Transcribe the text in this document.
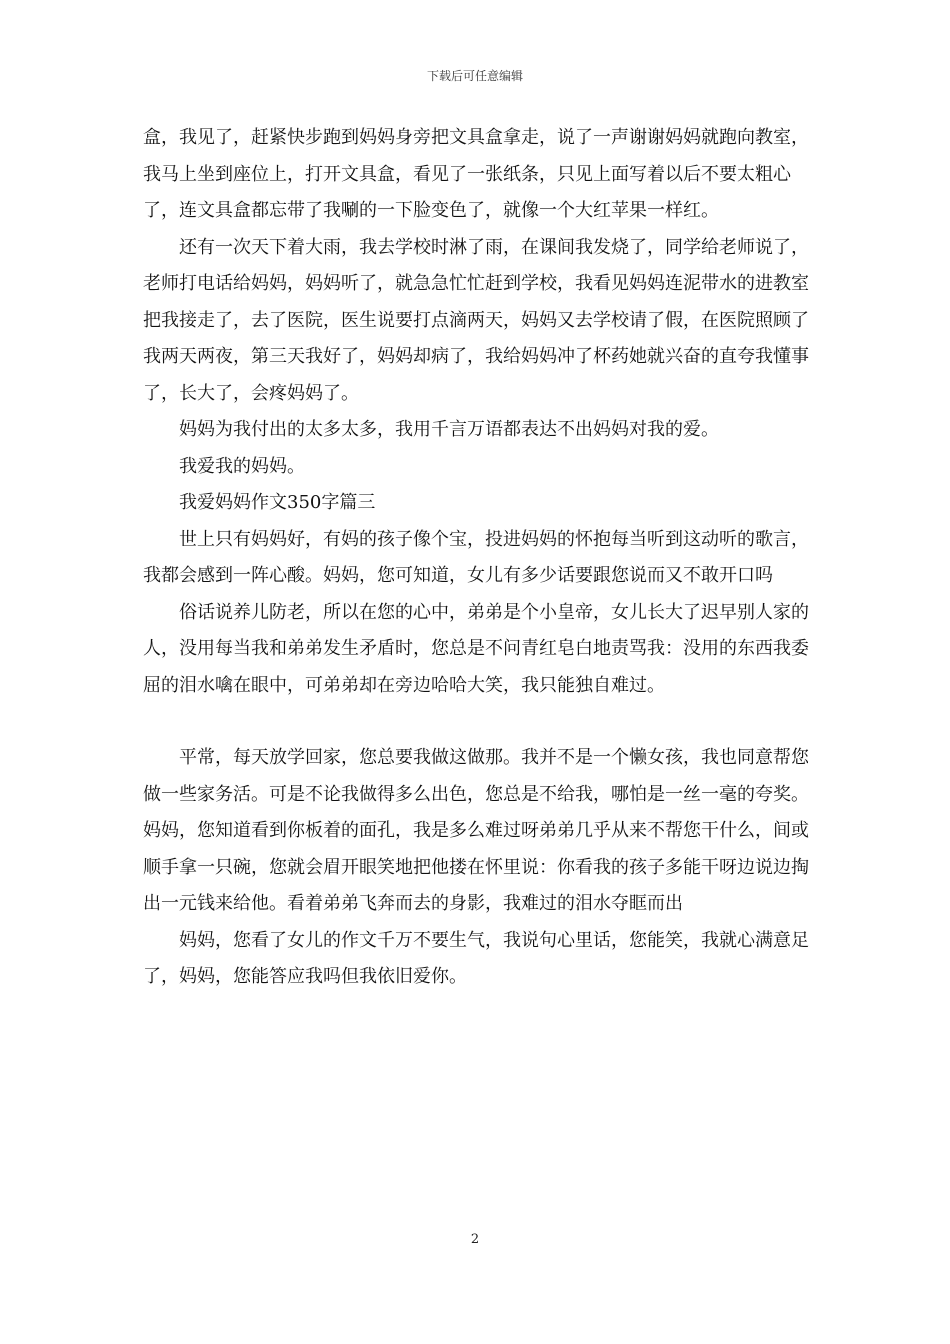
下载后可任意编辑

盒，我见了，赶紧快步跑到妈妈身旁把文具盒拿走，说了一声谢谢妈妈就跑向教室，我马上坐到座位上，打开文具盒，看见了一张纸条，只见上面写着以后不要太粗心了，连文具盒都忘带了我唰的一下脸变色了，就像一个大红苹果一样红。

还有一次天下着大雨，我去学校时淋了雨，在课间我发烧了，同学给老师说了，老师打电话给妈妈，妈妈听了，就急急忙忙赶到学校，我看见妈妈连泥带水的进教室把我接走了，去了医院，医生说要打点滴两天，妈妈又去学校请了假，在医院照顾了我两天两夜，第三天我好了，妈妈却病了，我给妈妈冲了杯药她就兴奋的直夸我懂事了，长大了，会疼妈妈了。

妈妈为我付出的太多太多，我用千言万语都表达不出妈妈对我的爱。

我爱我的妈妈。

我爱妈妈作文350字篇三

世上只有妈妈好，有妈的孩子像个宝，投进妈妈的怀抱每当听到这动听的歌言，我都会感到一阵心酸。妈妈，您可知道，女儿有多少话要跟您说而又不敢开口吗

俗话说养儿防老，所以在您的心中，弟弟是个小皇帝，女儿长大了迟早别人家的人，没用每当我和弟弟发生矛盾时，您总是不问青红皂白地责骂我：没用的东西我委屈的泪水噙在眼中，可弟弟却在旁边哈哈大笑，我只能独自难过。

平常，每天放学回家，您总要我做这做那。我并不是一个懒女孩，我也同意帮您做一些家务活。可是不论我做得多么出色，您总是不给我，哪怕是一丝一毫的夸奖。妈妈，您知道看到你板着的面孔，我是多么难过呀弟弟几乎从来不帮您干什么，间或顺手拿一只碗，您就会眉开眼笑地把他搂在怀里说：你看我的孩子多能干呀边说边掏出一元钱来给他。看着弟弟飞奔而去的身影，我难过的泪水夺眶而出

妈妈，您看了女儿的作文千万不要生气，我说句心里话，您能笑，我就心满意足了，妈妈，您能答应我吗但我依旧爱你。

2
